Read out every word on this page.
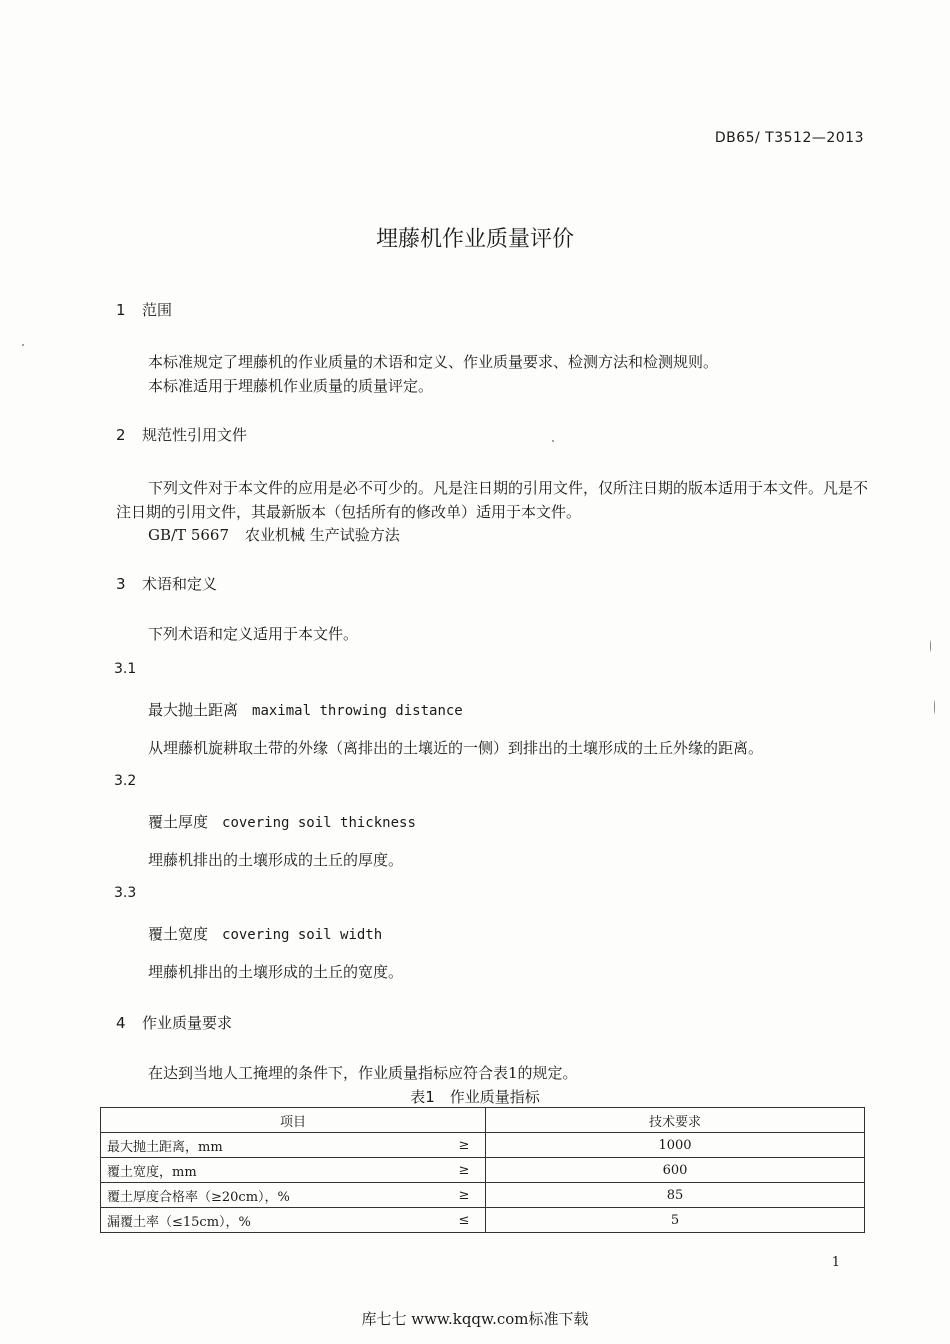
DB65/ T3512—2013
埋藤机作业质量评价
1 范围
本标准规定了埋藤机的作业质量的术语和定义、作业质量要求、检测方法和检测规则。
本标准适用于埋藤机作业质量的质量评定。
2 规范性引用文件
下列文件对于本文件的应用是必不可少的。凡是注日期的引用文件，仅所注日期的版本适用于本文件。凡是不注日期的引用文件，其最新版本（包括所有的修改单）适用于本文件。
GB/T 5667 农业机械 生产试验方法
3 术语和定义
下列术语和定义适用于本文件。
3.1
最大抛土距离 maximal throwing distance
从埋藤机旋耕取土带的外缘（离排出的土壤近的一侧）到排出的土壤形成的土丘外缘的距离。
3.2
覆土厚度 covering soil thickness
埋藤机排出的土壤形成的土丘的厚度。
3.3
覆土宽度 covering soil width
埋藤机排出的土壤形成的土丘的宽度。
4 作业质量要求
在达到当地人工掩埋的条件下，作业质量指标应符合表1的规定。
表1　作业质量指标
项目		技术要求
最大抛土距离，mm	≥	1000
覆土宽度，mm	≥	600
覆土厚度合格率（≥20cm），%	≥	85
漏覆土率（≤15cm），%	≤	5
1
库七七 www.kqqw.com标准下载
